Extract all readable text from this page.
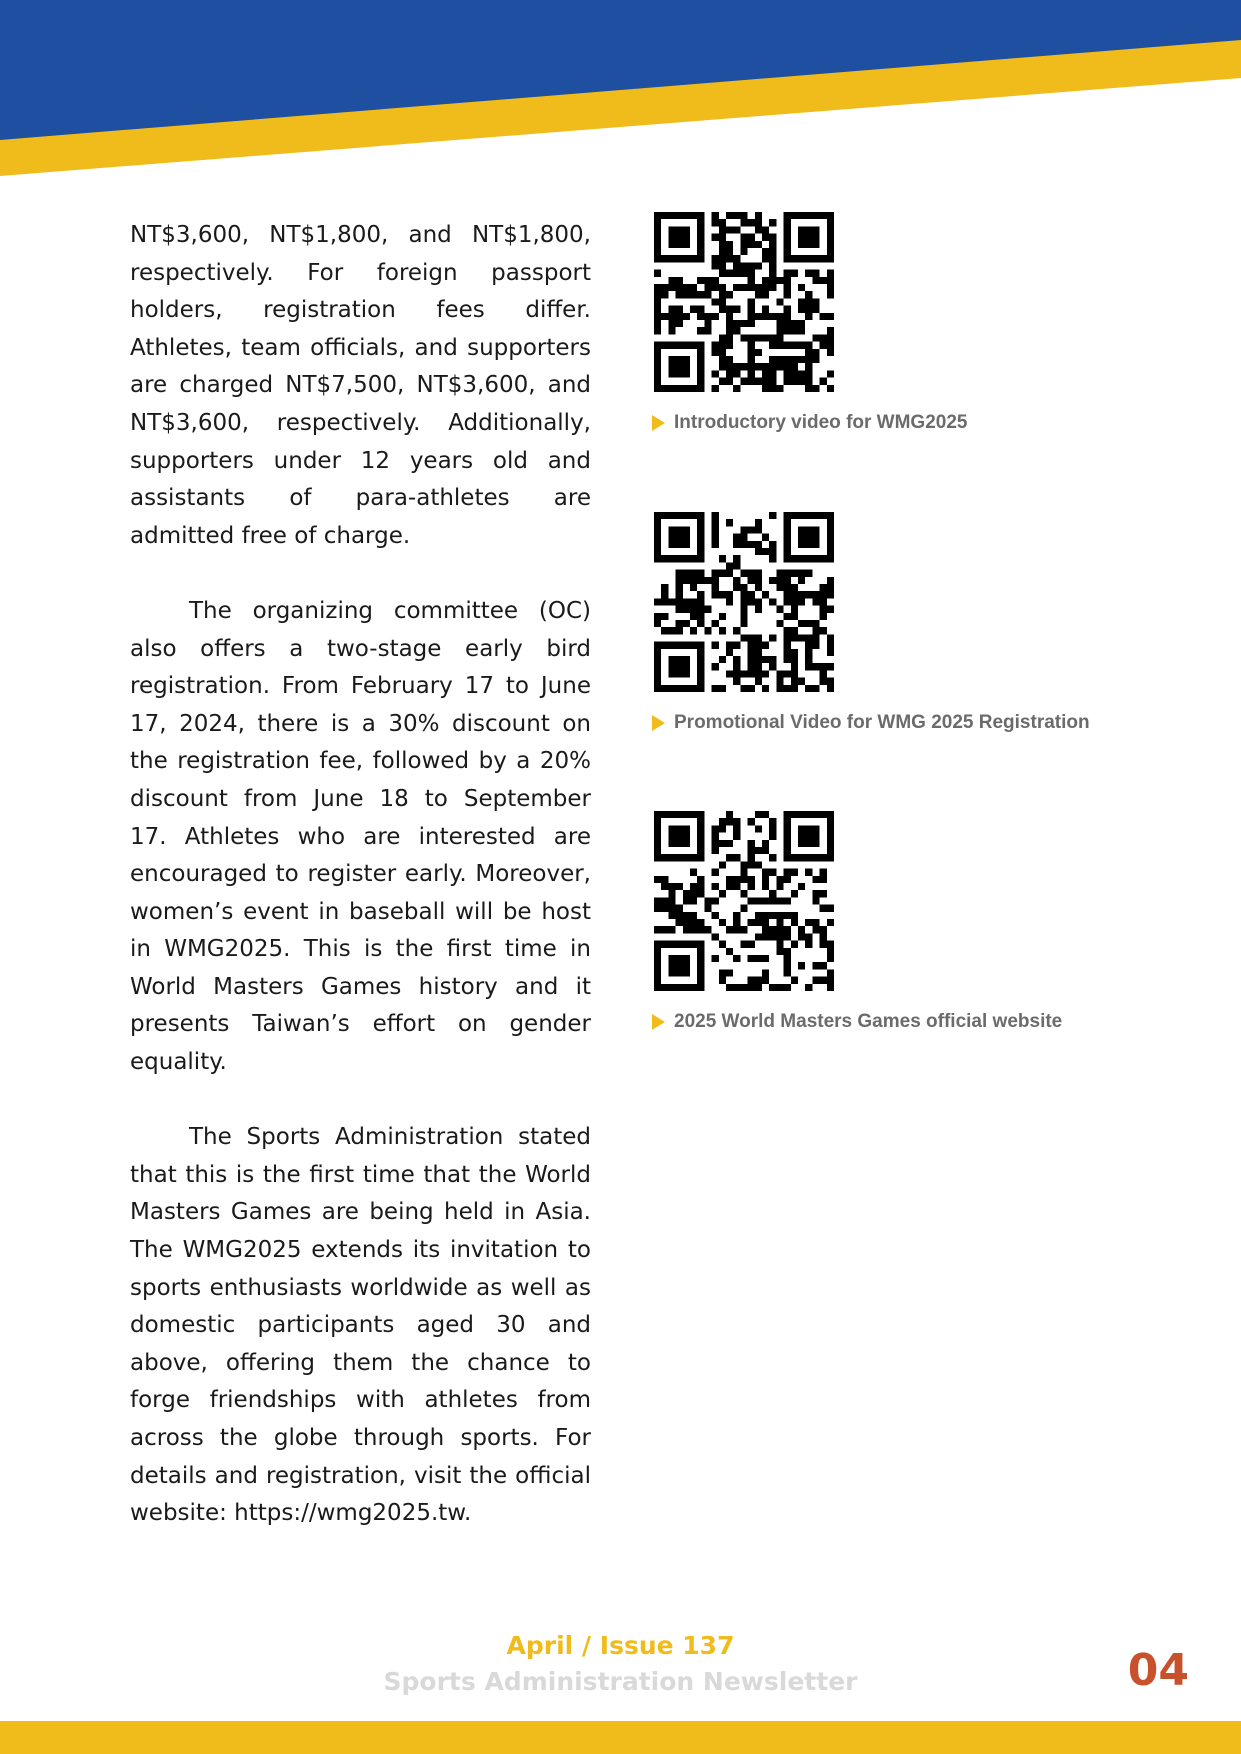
NT$3,600, NT$1,800, and NT$1,800, respectively. For foreign passport holders, registration fees differ. Athletes, team officials, and supporters are charged NT$7,500, NT$3,600, and NT$3,600, respectively. Additionally, supporters under 12 years old and assistants of para-athletes are admitted free of charge.

The organizing committee (OC) also offers a two-stage early bird registration. From February 17 to June 17, 2024, there is a 30% discount on the registration fee, followed by a 20% discount from June 18 to September 17. Athletes who are interested are encouraged to register early. Moreover, women’s event in baseball will be host in WMG2025. This is the first time in World Masters Games history and it presents Taiwan’s effort on gender equality.

The Sports Administration stated that this is the first time that the World Masters Games are being held in Asia. The WMG2025 extends its invitation to sports enthusiasts worldwide as well as domestic participants aged 30 and above, offering them the chance to forge friendships with athletes from across the globe through sports. For details and registration, visit the official website: https://wmg2025.tw.

Introductory video for WMG2025
Promotional Video for WMG 2025 Registration
2025 World Masters Games official website
April / Issue 137
Sports Administration Newsletter	04
